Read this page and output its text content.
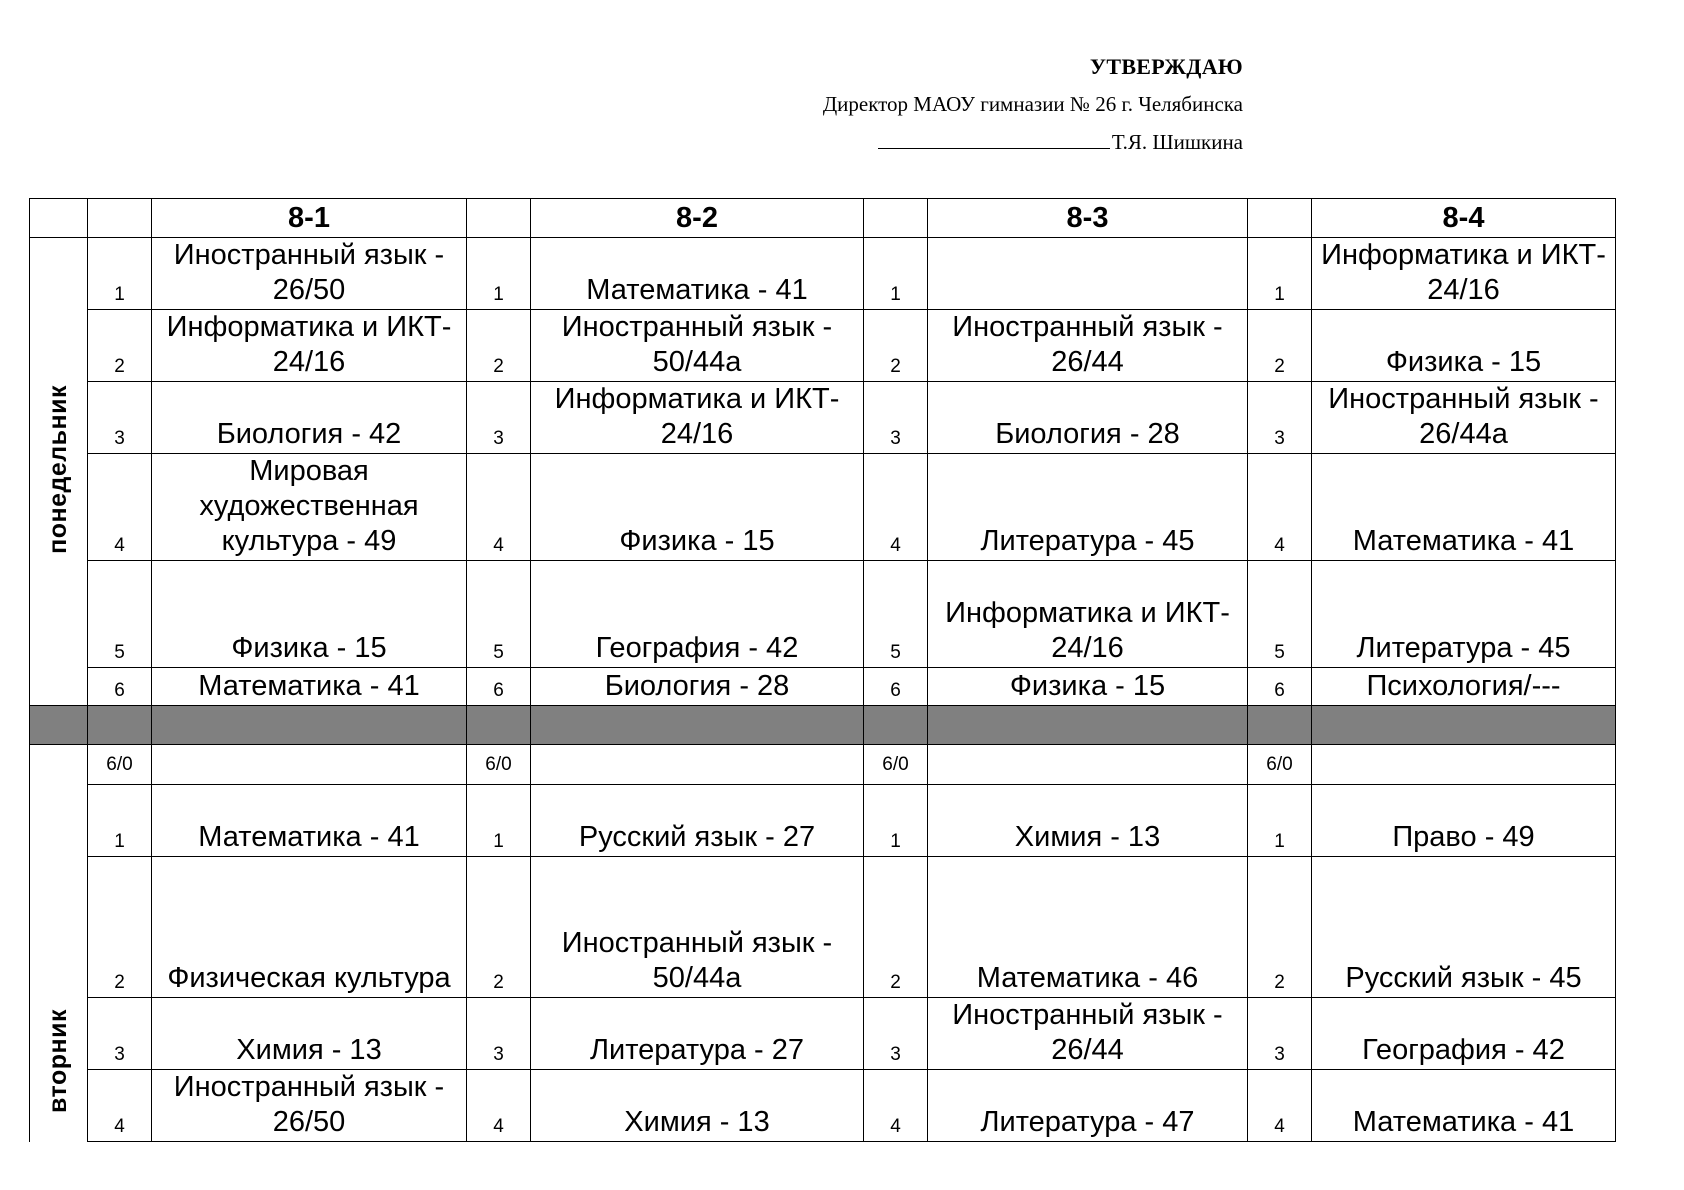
УТВЕРЖДАЮ
Директор МАОУ гимназии № 26 г. Челябинска
Т.Я. Шишкина
		8-1		8-2		8-3		8-4
понедельник	1	Иностранный язык - 26/50	1	Математика - 41	1		1	Информатика и ИКТ- 24/16
	2	Информатика и ИКТ- 24/16	2	Иностранный язык - 50/44а	2	Иностранный язык - 26/44	2	Физика - 15
	3	Биология - 42	3	Информатика и ИКТ- 24/16	3	Биология - 28	3	Иностранный язык - 26/44а
	4	Мировая художественная культура - 49	4	Физика - 15	4	Литература - 45	4	Математика - 41
	5	Физика - 15	5	География - 42	5	Информатика и ИКТ- 24/16	5	Литература - 45
	6	Математика - 41	6	Биология - 28	6	Физика - 15	6	Психология/---

вторник	6/0		6/0		6/0		6/0	
	1	Математика - 41	1	Русский язык - 27	1	Химия - 13	1	Право - 49
	2	Физическая культура	2	Иностранный язык - 50/44а	2	Математика - 46	2	Русский язык - 45
	3	Химия - 13	3	Литература - 27	3	Иностранный язык - 26/44	3	География - 42
	4	Иностранный язык - 26/50	4	Химия - 13	4	Литература - 47	4	Математика - 41
